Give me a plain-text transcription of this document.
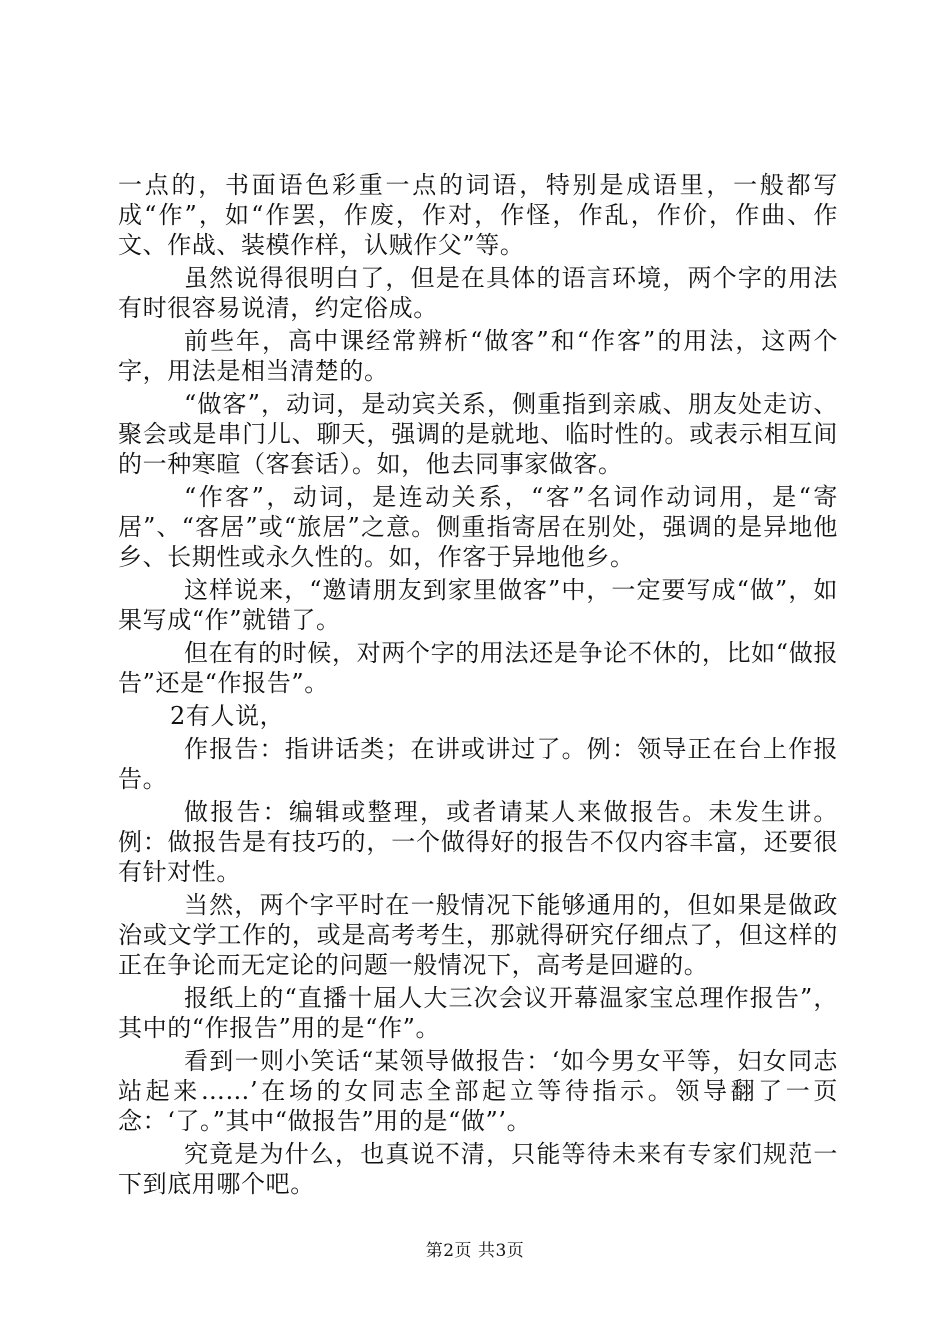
一点的，书面语色彩重一点的词语，特别是成语里，一般都写成“作”，如“作罢，作废，作对，作怪，作乱，作价，作曲、作文、作战、装模作样，认贼作父”等。

虽然说得很明白了，但是在具体的语言环境，两个字的用法有时很容易说清，约定俗成。

前些年，高中课经常辨析“做客”和“作客”的用法，这两个字，用法是相当清楚的。

“做客”，动词，是动宾关系，侧重指到亲戚、朋友处走访、聚会或是串门儿、聊天，强调的是就地、临时性的。或表示相互间的一种寒暄（客套话）。如，他去同事家做客。

“作客”，动词，是连动关系，“客”名词作动词用，是“寄居”、“客居”或“旅居”之意。侧重指寄居在别处，强调的是异地他乡、长期性或永久性的。如，作客于异地他乡。

这样说来，“邀请朋友到家里做客”中，一定要写成“做”，如果写成“作”就错了。

但在有的时候，对两个字的用法还是争论不休的，比如“做报告”还是“作报告”。

2有人说，

作报告：指讲话类；在讲或讲过了。例：领导正在台上作报告。

做报告：编辑或整理，或者请某人来做报告。未发生讲。例：做报告是有技巧的，一个做得好的报告不仅内容丰富，还要很有针对性。

当然，两个字平时在一般情况下能够通用的，但如果是做政治或文学工作的，或是高考考生，那就得研究仔细点了，但这样的正在争论而无定论的问题一般情况下，高考是回避的。

报纸上的“直播十届人大三次会议开幕温家宝总理作报告”，其中的“作报告”用的是“作”。

看到一则小笑话“某领导做报告：‘如今男女平等，妇女同志站起来……’在场的女同志全部起立等待指示。领导翻了一页念：‘了。”其中“做报告”用的是“做”’。

究竟是为什么，也真说不清，只能等待未来有专家们规范一下到底用哪个吧。

第2页 共3页
